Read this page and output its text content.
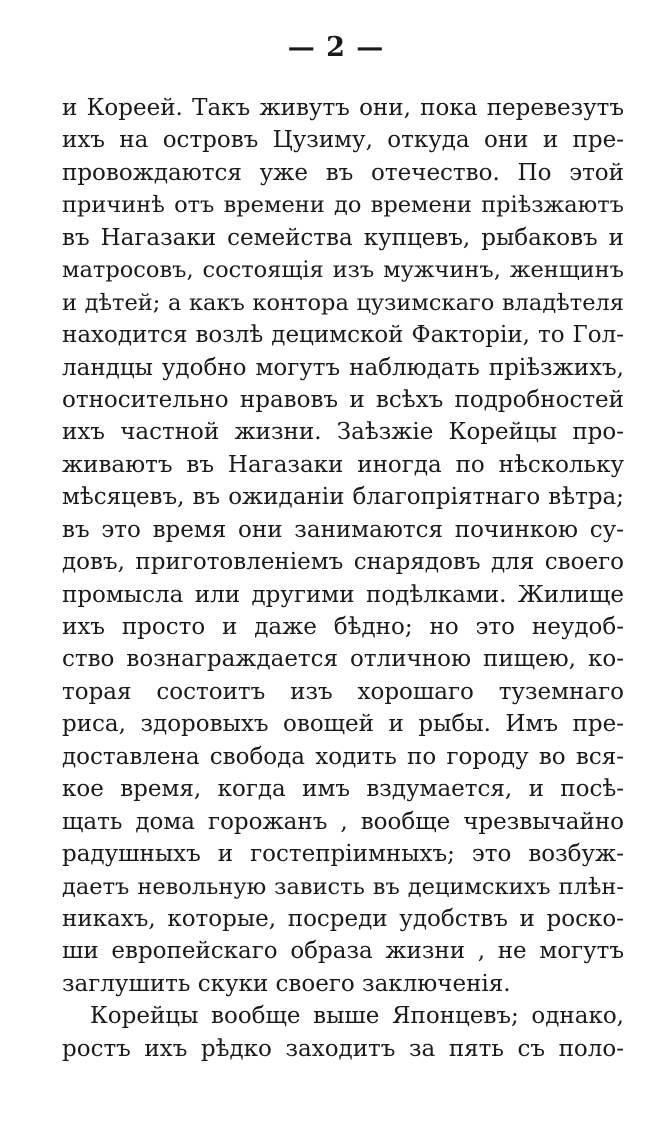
— 2 —
и Кореей. Такъ живутъ они, пока перевезутъ
ихъ на островъ Цузиму, откуда они и пре-
провождаются уже въ отечество. По этой
причинѣ отъ времени до времени прiѣзжаютъ
въ Нагазаки семейства купцевъ, рыбаковъ и
матросовъ, состоящiя изъ мужчинъ, женщинъ
и дѣтей; а какъ контора цузимскаго владѣтеля
находится возлѣ децимской Факторiи, то Гол-
ландцы удобно могутъ наблюдать прiѣзжихъ,
относительно нравовъ и всѣхъ подробностей
ихъ частной жизни. Заѣзжiе Корейцы про-
живаютъ въ Нагазаки иногда по нѣскольку
мѣсяцевъ, въ ожиданiи благопрiятнаго вѣтра;
въ это время они занимаются починкою су-
довъ, приготовленiемъ снарядовъ для своего
промысла или другими подѣлками. Жилище
ихъ просто и даже бѣдно; но это неудоб-
ство вознаграждается отличною пищею, ко-
торая состоитъ изъ хорошаго туземнаго
риса, здоровыхъ овощей и рыбы. Имъ пре-
доставлена свобода ходить по городу во вся-
кое время, когда имъ вздумается, и посѣ-
щать дома горожанъ , вообще чрезвычайно
радушныхъ и гостепрiимныхъ; это возбуж-
даетъ невольную зависть въ децимскихъ плѣн-
никахъ, которые, посреди удобствъ и роско-
ши европейскаго образа жизни , не могутъ
заглушить скуки своего заключенiя.
Корейцы вообще выше Японцевъ; однако,
ростъ ихъ рѣдко заходитъ за пять съ поло-
